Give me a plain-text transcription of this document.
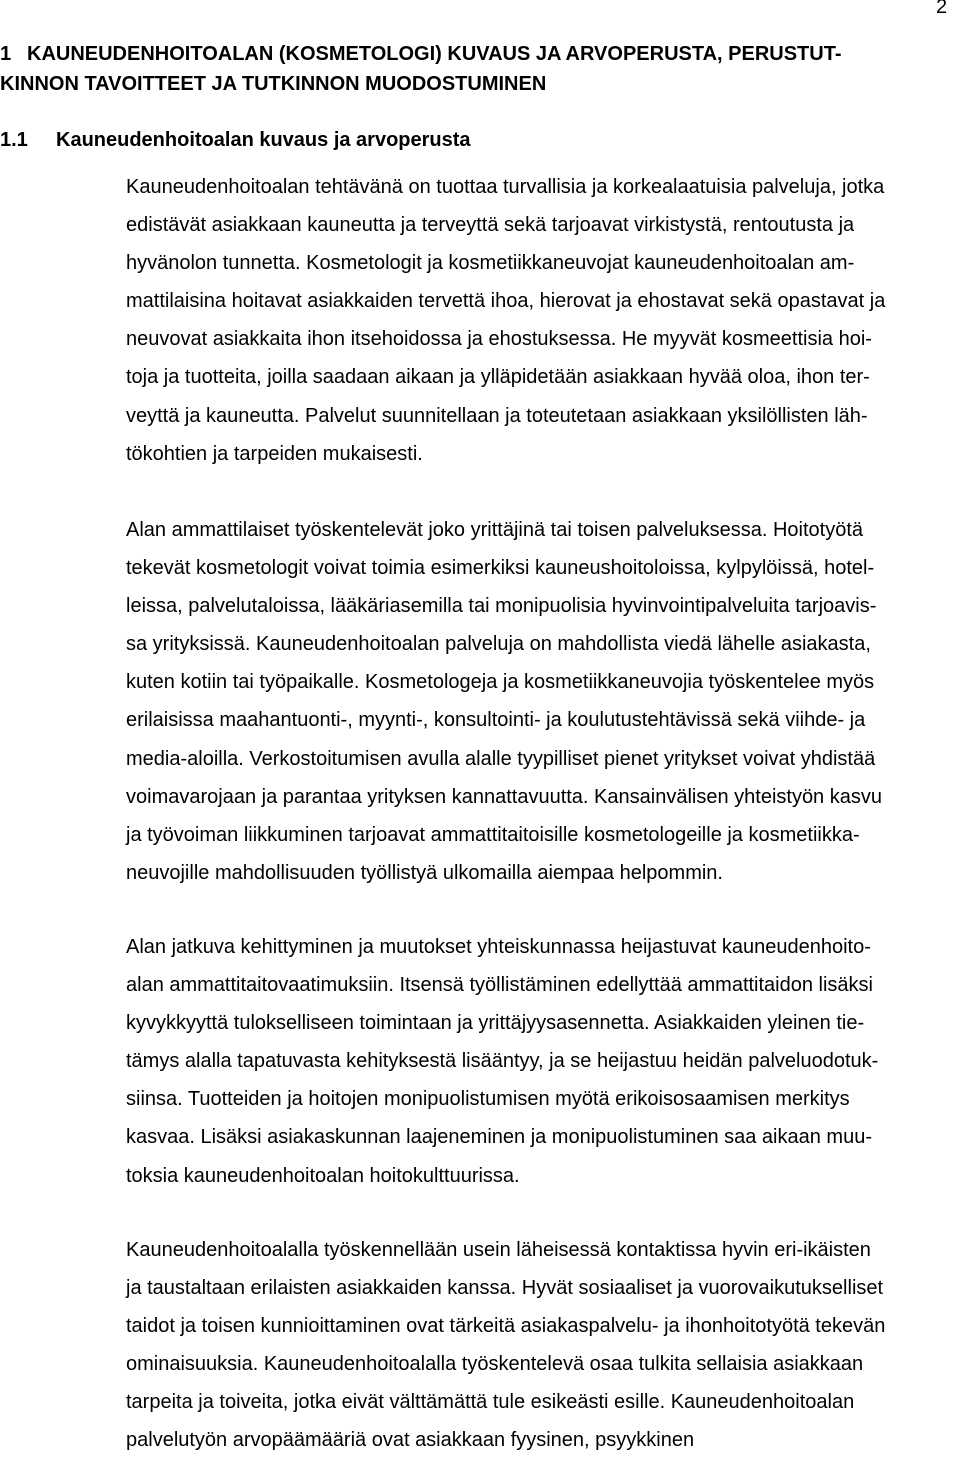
2
1 KAUNEUDENHOITOALAN (KOSMETOLOGI) KUVAUS JA ARVOPERUSTA, PERUSTUT-
KINNON TAVOITTEET JA TUTKINNON MUODOSTUMINEN
1.1 Kauneudenhoitoalan kuvaus ja arvoperusta

Kauneudenhoitoalan tehtävänä on tuottaa turvallisia ja korkealaatuisia palveluja, jotka
edistävät asiakkaan kauneutta ja terveyttä sekä tarjoavat virkistystä, rentoutusta ja
hyvänolon tunnetta. Kosmetologit ja kosmetiikkaneuvojat kauneudenhoitoalan am-
mattilaisina hoitavat asiakkaiden tervettä ihoa, hierovat ja ehostavat sekä opastavat ja
neuvovat asiakkaita ihon itsehoidossa ja ehostuksessa. He myyvät kosmeettisia hoi-
toja ja tuotteita, joilla saadaan aikaan ja ylläpidetään asiakkaan hyvää oloa, ihon ter-
veyttä ja kauneutta. Palvelut suunnitellaan ja toteutetaan asiakkaan yksilöllisten läh-
tökohtien ja tarpeiden mukaisesti.

Alan ammattilaiset työskentelevät joko yrittäjinä tai toisen palveluksessa. Hoitotyötä
tekevät kosmetologit voivat toimia esimerkiksi kauneushoitoloissa, kylpylöissä, hotel-
leissa, palvelutaloissa, lääkäriasemilla tai monipuolisia hyvinvointipalveluita tarjoavis-
sa yrityksissä. Kauneudenhoitoalan palveluja on mahdollista viedä lähelle asiakasta,
kuten kotiin tai työpaikalle. Kosmetologeja ja kosmetiikkaneuvojia työskentelee myös
erilaisissa maahantuonti-, myynti-, konsultointi- ja koulutustehtävissä sekä viihde- ja
media-aloilla. Verkostoitumisen avulla alalle tyypilliset pienet yritykset voivat yhdistää
voimavarojaan ja parantaa yrityksen kannattavuutta. Kansainvälisen yhteistyön kasvu
ja työvoiman liikkuminen tarjoavat ammattitaitoisille kosmetologeille ja kosmetiikka-
neuvojille mahdollisuuden työllistyä ulkomailla aiempaa helpommin.

Alan jatkuva kehittyminen ja muutokset yhteiskunnassa heijastuvat kauneudenhoito-
alan ammattitaitovaatimuksiin. Itsensä työllistäminen edellyttää ammattitaidon lisäksi
kyvykkyyttä tulokselliseen toimintaan ja yrittäjyysasennetta. Asiakkaiden yleinen tie-
tämys alalla tapatuvasta kehityksestä lisääntyy, ja se heijastuu heidän palveluodotuk-
siinsa. Tuotteiden ja hoitojen monipuolistumisen myötä erikoisosaamisen merkitys
kasvaa. Lisäksi asiakaskunnan laajeneminen ja monipuolistuminen saa aikaan muu-
toksia kauneudenhoitoalan hoitokulttuurissa.

Kauneudenhoitoalalla työskennellään usein läheisessä kontaktissa hyvin eri-ikäisten
ja taustaltaan erilaisten asiakkaiden kanssa. Hyvät sosiaaliset ja vuorovaikutukselliset
taidot ja toisen kunnioittaminen ovat tärkeitä asiakaspalvelu- ja ihonhoitotyötä tekevän
ominaisuuksia. Kauneudenhoitoalalla työskentelevä osaa tulkita sellaisia asiakkaan
tarpeita ja toiveita, jotka eivät välttämättä tule esikeästi esille. Kauneudenhoitoalan
palvelutyön arvopäämääriä ovat asiakkaan fyysinen, psyykkinen
